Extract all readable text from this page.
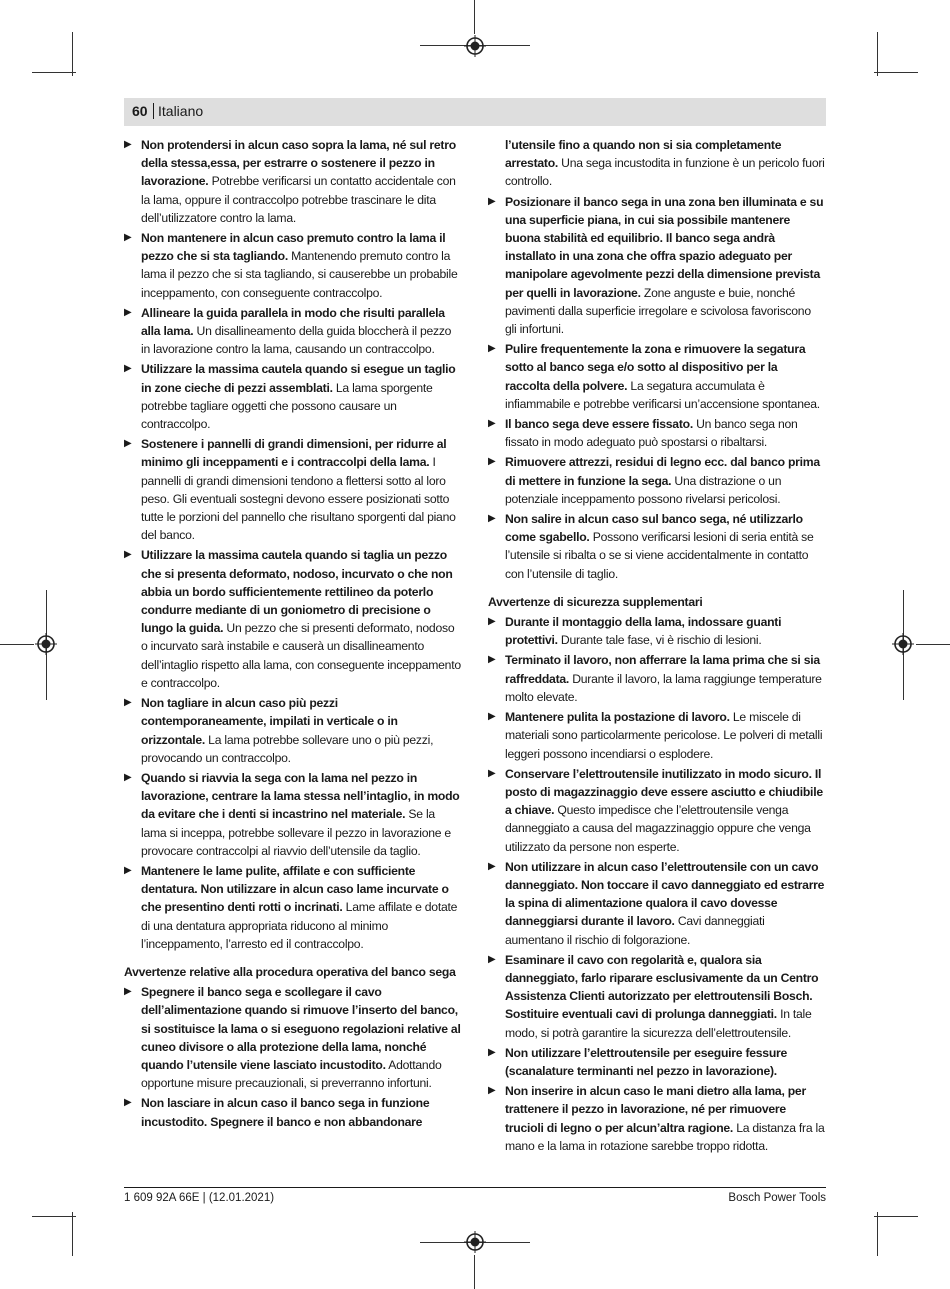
60 Italiano
▶ Non protendersi in alcun caso sopra la lama, né sul retro della stessa,essa, per estrarre o sostenere il pezzo in lavorazione. Potrebbe verificarsi un contatto accidentale con la lama, oppure il contraccolpo potrebbe trascinare le dita dell’utilizzatore contro la lama.
▶ Non mantenere in alcun caso premuto contro la lama il pezzo che si sta tagliando. Mantenendo premuto contro la lama il pezzo che si sta tagliando, si causerebbe un probabile inceppamento, con conseguente contraccolpo.
▶ Allineare la guida parallela in modo che risulti parallela alla lama. Un disallineamento della guida bloccherà il pezzo in lavorazione contro la lama, causando un contraccolpo.
▶ Utilizzare la massima cautela quando si esegue un taglio in zone cieche di pezzi assemblati. La lama sporgente potrebbe tagliare oggetti che possono causare un contraccolpo.
▶ Sostenere i pannelli di grandi dimensioni, per ridurre al minimo gli inceppamenti e i contraccolpi della lama. I pannelli di grandi dimensioni tendono a flettersi sotto al loro peso. Gli eventuali sostegni devono essere posizionati sotto tutte le porzioni del pannello che risultano sporgenti dal piano del banco.
▶ Utilizzare la massima cautela quando si taglia un pezzo che si presenta deformato, nodoso, incurvato o che non abbia un bordo sufficientemente rettilineo da poterlo condurre mediante di un goniometro di precisione o lungo la guida. Un pezzo che si presenti deformato, nodoso o incurvato sarà instabile e causerà un disallineamento dell’intaglio rispetto alla lama, con conseguente inceppamento e contraccolpo.
▶ Non tagliare in alcun caso più pezzi contemporaneamente, impilati in verticale o in orizzontale. La lama potrebbe sollevare uno o più pezzi, provocando un contraccolpo.
▶ Quando si riavvia la sega con la lama nel pezzo in lavorazione, centrare la lama stessa nell’intaglio, in modo da evitare che i denti si incastrino nel materiale. Se la lama si inceppa, potrebbe sollevare il pezzo in lavorazione e provocare contraccolpi al riavvio dell’utensile da taglio.
▶ Mantenere le lame pulite, affilate e con sufficiente dentatura. Non utilizzare in alcun caso lame incurvate o che presentino denti rotti o incrinati. Lame affilate e dotate di una dentatura appropriata riducono al minimo l’inceppamento, l’arresto ed il contraccolpo.
Avvertenze relative alla procedura operativa del banco sega
▶ Spegnere il banco sega e scollegare il cavo dell’alimentazione quando si rimuove l’inserto del banco, si sostituisce la lama o si eseguono regolazioni relative al cuneo divisore o alla protezione della lama, nonché quando l’utensile viene lasciato incustodito. Adottando opportune misure precauzionali, si preverranno infortuni.
▶ Non lasciare in alcun caso il banco sega in funzione incustodito. Spegnere il banco e non abbandonare
l’utensile fino a quando non si sia completamente arrestato. Una sega incustodita in funzione è un pericolo fuori controllo.
▶ Posizionare il banco sega in una zona ben illuminata e su una superficie piana, in cui sia possibile mantenere buona stabilità ed equilibrio. Il banco sega andrà installato in una zona che offra spazio adeguato per manipolare agevolmente pezzi della dimensione prevista per quelli in lavorazione. Zone anguste e buie, nonché pavimenti dalla superficie irregolare e scivolosa favoriscono gli infortuni.
▶ Pulire frequentemente la zona e rimuovere la segatura sotto al banco sega e/o sotto al dispositivo per la raccolta della polvere. La segatura accumulata è infiammabile e potrebbe verificarsi un’accensione spontanea.
▶ Il banco sega deve essere fissato. Un banco sega non fissato in modo adeguato può spostarsi o ribaltarsi.
▶ Rimuovere attrezzi, residui di legno ecc. dal banco prima di mettere in funzione la sega. Una distrazione o un potenziale inceppamento possono rivelarsi pericolosi.
▶ Non salire in alcun caso sul banco sega, né utilizzarlo come sgabello. Possono verificarsi lesioni di seria entità se l’utensile si ribalta o se si viene accidentalmente in contatto con l’utensile di taglio.
Avvertenze di sicurezza supplementari
▶ Durante il montaggio della lama, indossare guanti protettivi. Durante tale fase, vi è rischio di lesioni.
▶ Terminato il lavoro, non afferrare la lama prima che si sia raffreddata. Durante il lavoro, la lama raggiunge temperature molto elevate.
▶ Mantenere pulita la postazione di lavoro. Le miscele di materiali sono particolarmente pericolose. Le polveri di metalli leggeri possono incendiarsi o esplodere.
▶ Conservare l’elettroutensile inutilizzato in modo sicuro. Il posto di magazzinaggio deve essere asciutto e chiudibile a chiave. Questo impedisce che l’elettroutensile venga danneggiato a causa del magazzinaggio oppure che venga utilizzato da persone non esperte.
▶ Non utilizzare in alcun caso l’elettroutensile con un cavo danneggiato. Non toccare il cavo danneggiato ed estrarre la spina di alimentazione qualora il cavo dovesse danneggiarsi durante il lavoro. Cavi danneggiati aumentano il rischio di folgorazione.
▶ Esaminare il cavo con regolarità e, qualora sia danneggiato, farlo riparare esclusivamente da un Centro Assistenza Clienti autorizzato per elettroutensili Bosch. Sostituire eventuali cavi di prolunga danneggiati. In tale modo, si potrà garantire la sicurezza dell’elettroutensile.
▶ Non utilizzare l’elettroutensile per eseguire fessure (scanalature terminanti nel pezzo in lavorazione).
▶ Non inserire in alcun caso le mani dietro alla lama, per trattenere il pezzo in lavorazione, né per rimuovere trucioli di legno o per alcun’altra ragione. La distanza fra la mano e la lama in rotazione sarebbe troppo ridotta.
1 609 92A 66E | (12.01.2021)	Bosch Power Tools
